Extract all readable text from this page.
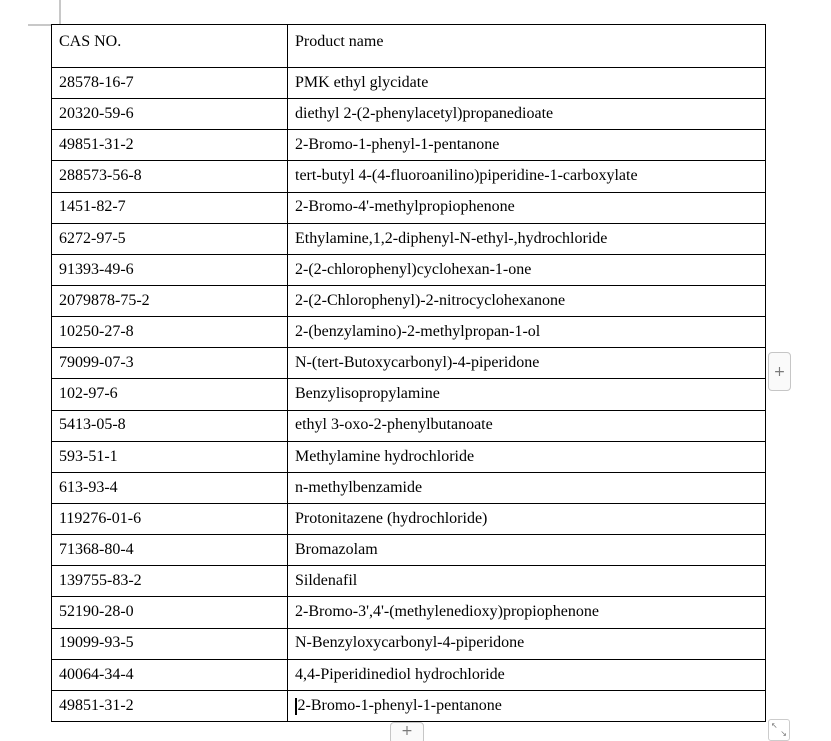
CAS NO.	Product name
28578-16-7	PMK ethyl glycidate
20320-59-6	diethyl 2-(2-phenylacetyl)propanedioate
49851-31-2	2-Bromo-1-phenyl-1-pentanone
288573-56-8	tert-butyl 4-(4-fluoroanilino)piperidine-1-carboxylate
1451-82-7	2-Bromo-4'-methylpropiophenone
6272-97-5	Ethylamine,1,2-diphenyl-N-ethyl-,hydrochloride
91393-49-6	2-(2-chlorophenyl)cyclohexan-1-one
2079878-75-2	2-(2-Chlorophenyl)-2-nitrocyclohexanone
10250-27-8	2-(benzylamino)-2-methylpropan-1-ol
79099-07-3	N-(tert-Butoxycarbonyl)-4-piperidone
102-97-6	Benzylisopropylamine
5413-05-8	ethyl 3-oxo-2-phenylbutanoate
593-51-1	Methylamine hydrochloride
613-93-4	n-methylbenzamide
119276-01-6	Protonitazene (hydrochloride)
71368-80-4	Bromazolam
139755-83-2	Sildenafil
52190-28-0	2-Bromo-3',4'-(methylenedioxy)propiophenone
19099-93-5	N-Benzyloxycarbonyl-4-piperidone
40064-34-4	4,4-Piperidinediol hydrochloride
49851-31-2	2-Bromo-1-phenyl-1-pentanone
+
+	↖
↘
